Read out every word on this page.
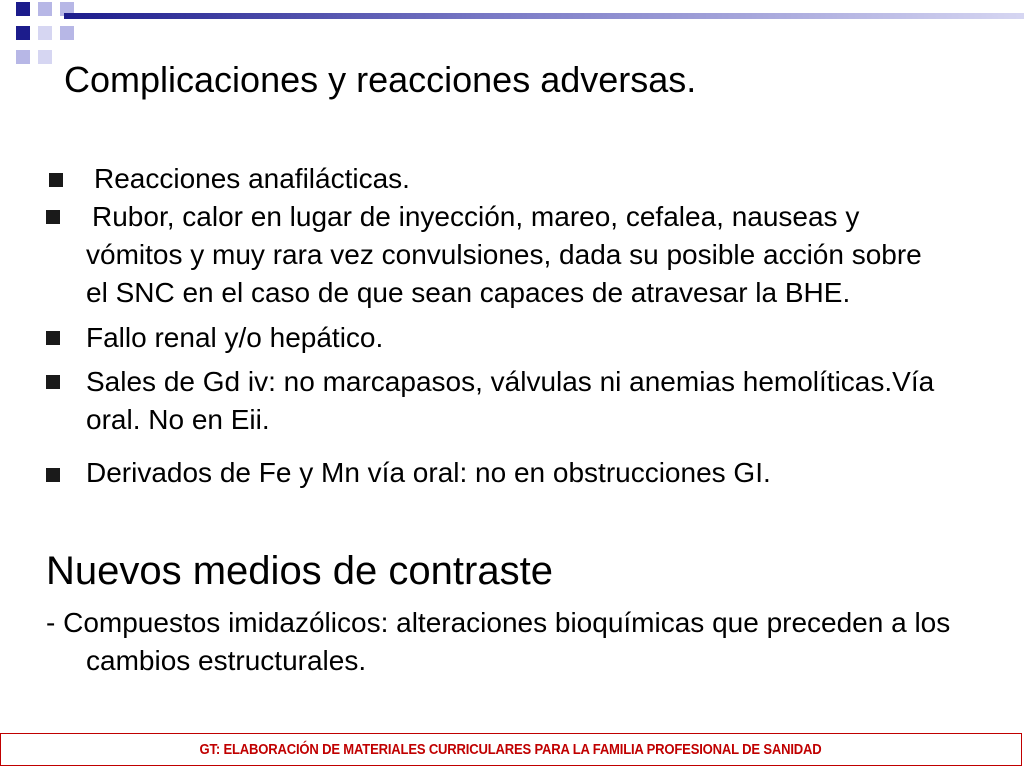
Complicaciones y reacciones adversas.
Reacciones anafilácticas.
Rubor, calor en lugar de inyección, mareo, cefalea, nauseas y vómitos y muy rara vez convulsiones, dada su posible acción sobre el SNC en el caso de que sean capaces de atravesar la BHE.
Fallo renal y/o hepático.
Sales de Gd iv: no marcapasos, válvulas ni anemias hemolíticas.Vía oral. No en Eii.
Derivados de Fe y Mn vía oral: no en obstrucciones GI.
Nuevos medios de contraste

- Compuestos imidazólicos: alteraciones bioquímicas que preceden a los cambios estructurales.

GT: ELABORACIÓN DE MATERIALES CURRICULARES PARA LA FAMILIA PROFESIONAL DE SANIDAD
